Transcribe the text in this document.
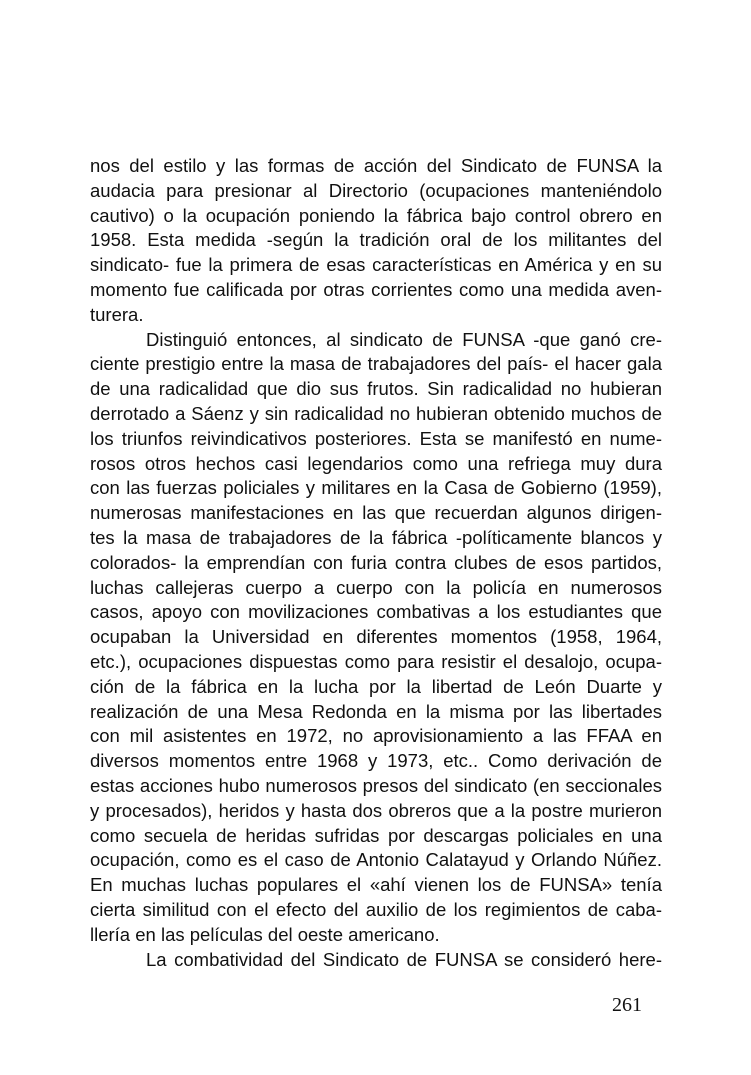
nos del estilo y las formas de acción del Sindicato de FUNSA la
audacia para presionar al Directorio (ocupaciones manteniéndolo
cautivo) o la ocupación poniendo la fábrica bajo control obrero en
1958. Esta medida -según la tradición oral de los militantes del
sindicato- fue la primera de esas características en América y en su
momento fue calificada por otras corrientes como una medida aven-
turera.
Distinguió entonces, al sindicato de FUNSA -que ganó cre-
ciente prestigio entre la masa de trabajadores del país- el hacer gala
de una radicalidad que dio sus frutos. Sin radicalidad no hubieran
derrotado a Sáenz y sin radicalidad no hubieran obtenido muchos de
los triunfos reivindicativos posteriores. Esta se manifestó en nume-
rosos otros hechos casi legendarios como una refriega muy dura
con las fuerzas policiales y militares en la Casa de Gobierno (1959),
numerosas manifestaciones en las que recuerdan algunos dirigen-
tes la masa de trabajadores de la fábrica -políticamente blancos y
colorados- la emprendían con furia contra clubes de esos partidos,
luchas callejeras cuerpo a cuerpo con la policía en numerosos
casos, apoyo con movilizaciones combativas a los estudiantes que
ocupaban la Universidad en diferentes momentos (1958, 1964,
etc.), ocupaciones dispuestas como para resistir el desalojo, ocupa-
ción de la fábrica en la lucha por la libertad de León Duarte y
realización de una Mesa Redonda en la misma por las libertades
con mil asistentes en 1972, no aprovisionamiento a las FFAA en
diversos momentos entre 1968 y 1973, etc.. Como derivación de
estas acciones hubo numerosos presos del sindicato (en seccionales
y procesados), heridos y hasta dos obreros que a la postre murieron
como secuela de heridas sufridas por descargas policiales en una
ocupación, como es el caso de Antonio Calatayud y Orlando Núñez.
En muchas luchas populares el «ahí vienen los de FUNSA» tenía
cierta similitud con el efecto del auxilio de los regimientos de caba-
llería en las películas del oeste americano.
La combatividad del Sindicato de FUNSA se consideró here-
261
